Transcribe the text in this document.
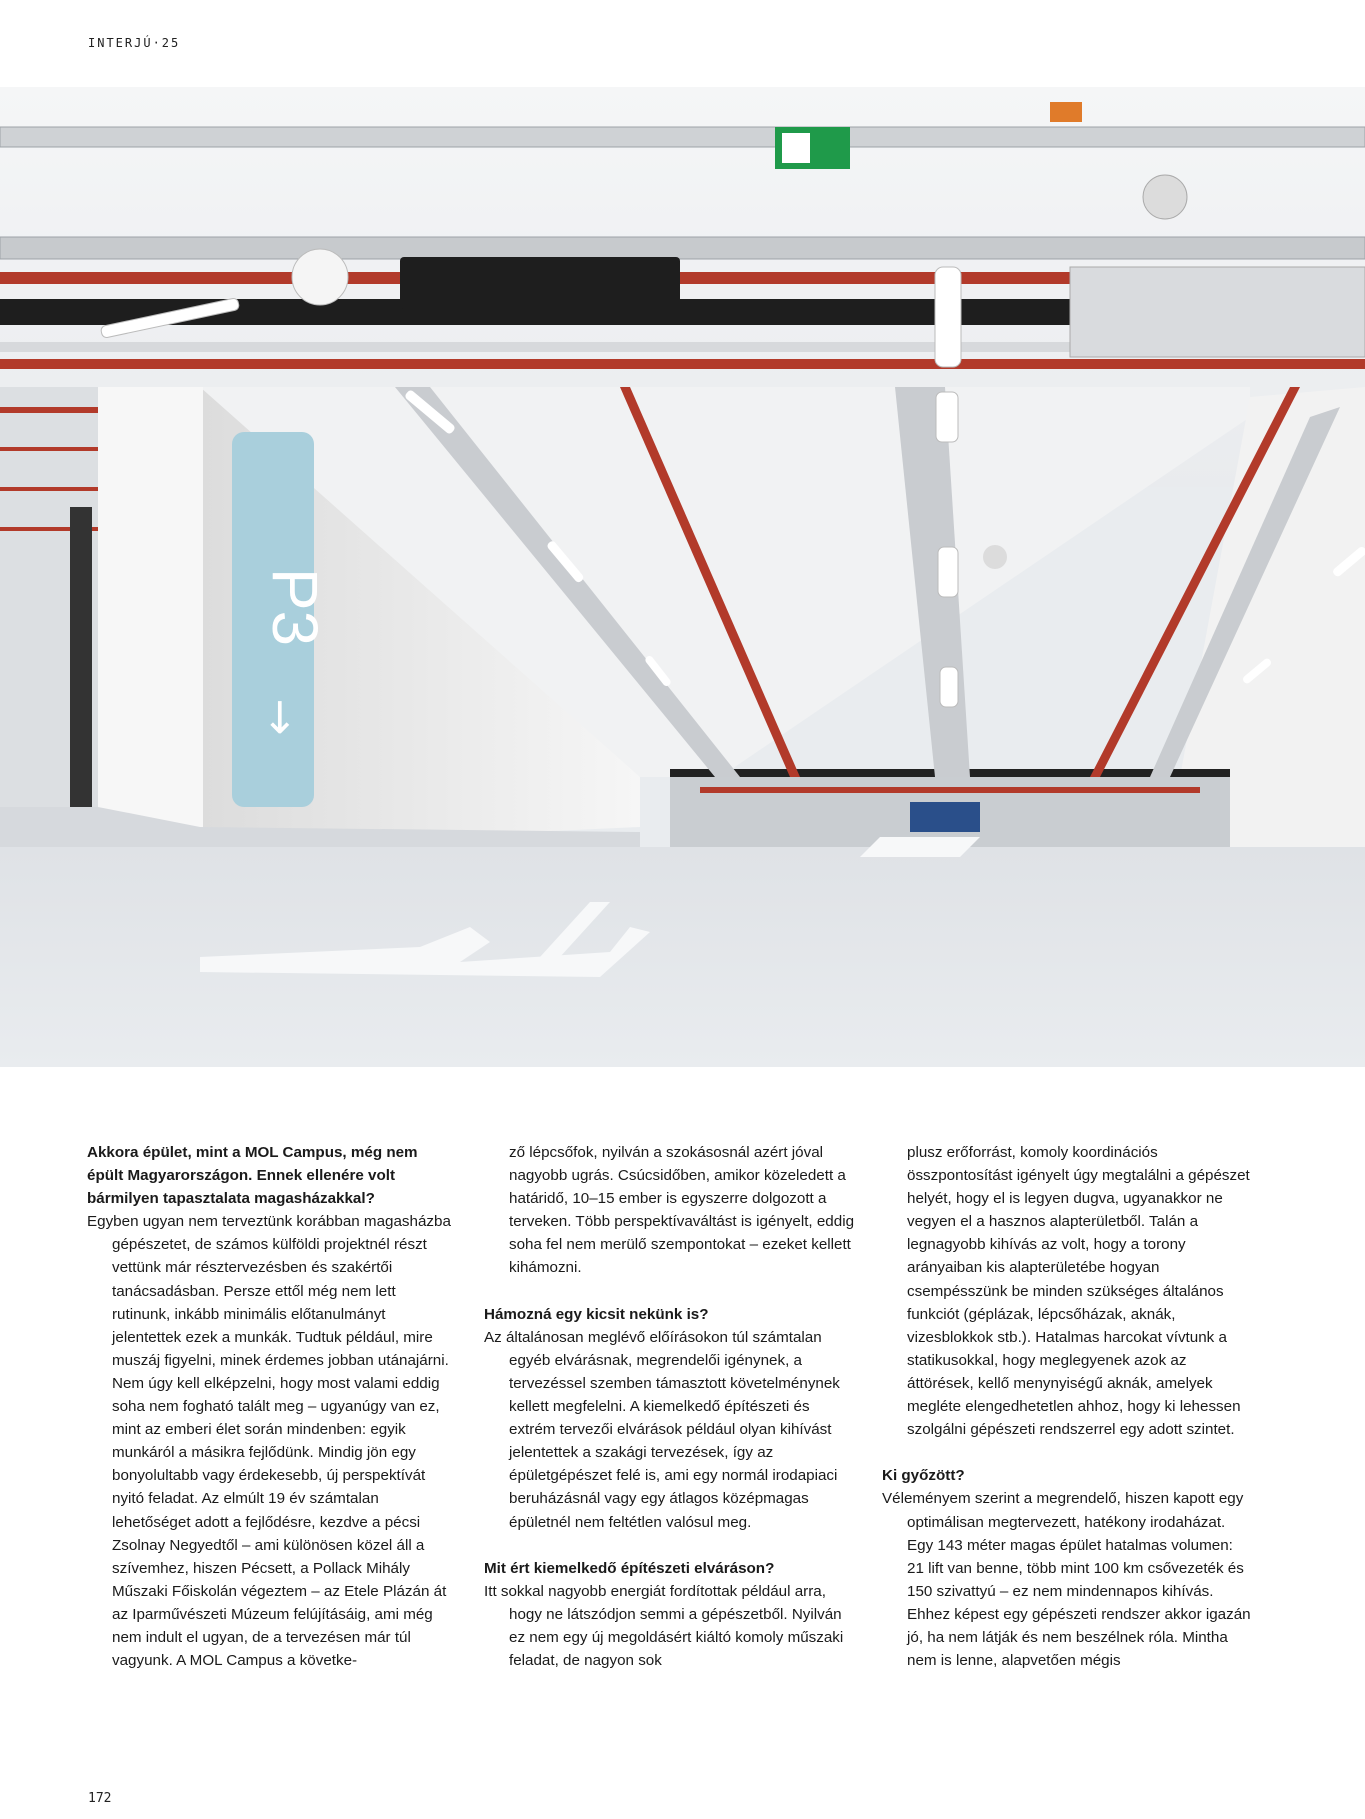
INTERJÚ·25
P3
→

Akkora épület, mint a MOL Campus, még nem épült Magyarországon. Ennek ellenére volt bármilyen tapasztalata magasházakkal?

Egyben ugyan nem terveztünk korábban magasházba gépészetet, de számos külföldi projektnél részt vettünk már résztervezésben és szakértői tanácsadásban. Persze ettől még nem lett rutinunk, inkább minimális előtanulmányt jelentettek ezek a munkák. Tudtuk például, mire muszáj figyelni, minek érdemes jobban utánajárni. Nem úgy kell elképzelni, hogy most valami eddig soha nem fogható talált meg – ugyanúgy van ez, mint az emberi élet során mindenben: egyik munkáról a másikra fejlődünk. Mindig jön egy bonyolultabb vagy érdekesebb, új perspektívát nyitó feladat. Az elmúlt 19 év számtalan lehetőséget adott a fejlődésre, kezdve a pécsi Zsolnay Negyedtől – ami különösen közel áll a szívemhez, hiszen Pécsett, a Pollack Mihály Műszaki Főiskolán végeztem – az Etele Plázán át az Iparművészeti Múzeum felújításáig, ami még nem indult el ugyan, de a tervezésen már túl vagyunk. A MOL Campus a követke-

ző lépcsőfok, nyilván a szokásosnál azért jóval nagyobb ugrás. Csúcsidőben, amikor közeledett a határidő, 10–15 ember is egyszerre dolgozott a terveken. Több perspektívaváltást is igényelt, eddig soha fel nem merülő szempontokat – ezeket kellett kihámozni.

Hámozná egy kicsit nekünk is?

Az általánosan meglévő előírásokon túl számtalan egyéb elvárásnak, megrendelői igénynek, a tervezéssel szemben támasztott követelménynek kellett megfelelni. A kiemelkedő építészeti és extrém tervezői elvárások például olyan kihívást jelentettek a szakági tervezések, így az épületgépészet felé is, ami egy normál irodapiaci beruházásnál vagy egy átlagos középmagas épületnél nem feltétlen valósul meg.

Mit ért kiemelkedő építészeti elváráson?

Itt sokkal nagyobb energiát fordítottak például arra, hogy ne látszódjon semmi a gépészetből. Nyilván ez nem egy új megoldásért kiáltó komoly műszaki feladat, de nagyon sok

plusz erőforrást, komoly koordinációs összpontosítást igényelt úgy megtalálni a gépészet helyét, hogy el is legyen dugva, ugyanakkor ne vegyen el a hasznos alapterületből. Talán a legnagyobb kihívás az volt, hogy a torony arányaiban kis alapterületébe hogyan csempésszünk be minden szükséges általános funkciót (géplázak, lépcsőházak, aknák, vizesblokkok stb.). Hatalmas harcokat vívtunk a statikusokkal, hogy meglegyenek azok az áttörések, kellő menynyiségű aknák, amelyek megléte elengedhetetlen ahhoz, hogy ki lehessen szolgálni gépészeti rendszerrel egy adott szintet.

Ki győzött?

Véleményem szerint a megrendelő, hiszen kapott egy optimálisan megtervezett, hatékony irodaházat. Egy 143 méter magas épület hatalmas volumen: 21 lift van benne, több mint 100 km csővezeték és 150 szivattyú – ez nem mindennapos kihívás. Ehhez képest egy gépészeti rendszer akkor igazán jó, ha nem látják és nem beszélnek róla. Mintha nem is lenne, alapvetően mégis

172
